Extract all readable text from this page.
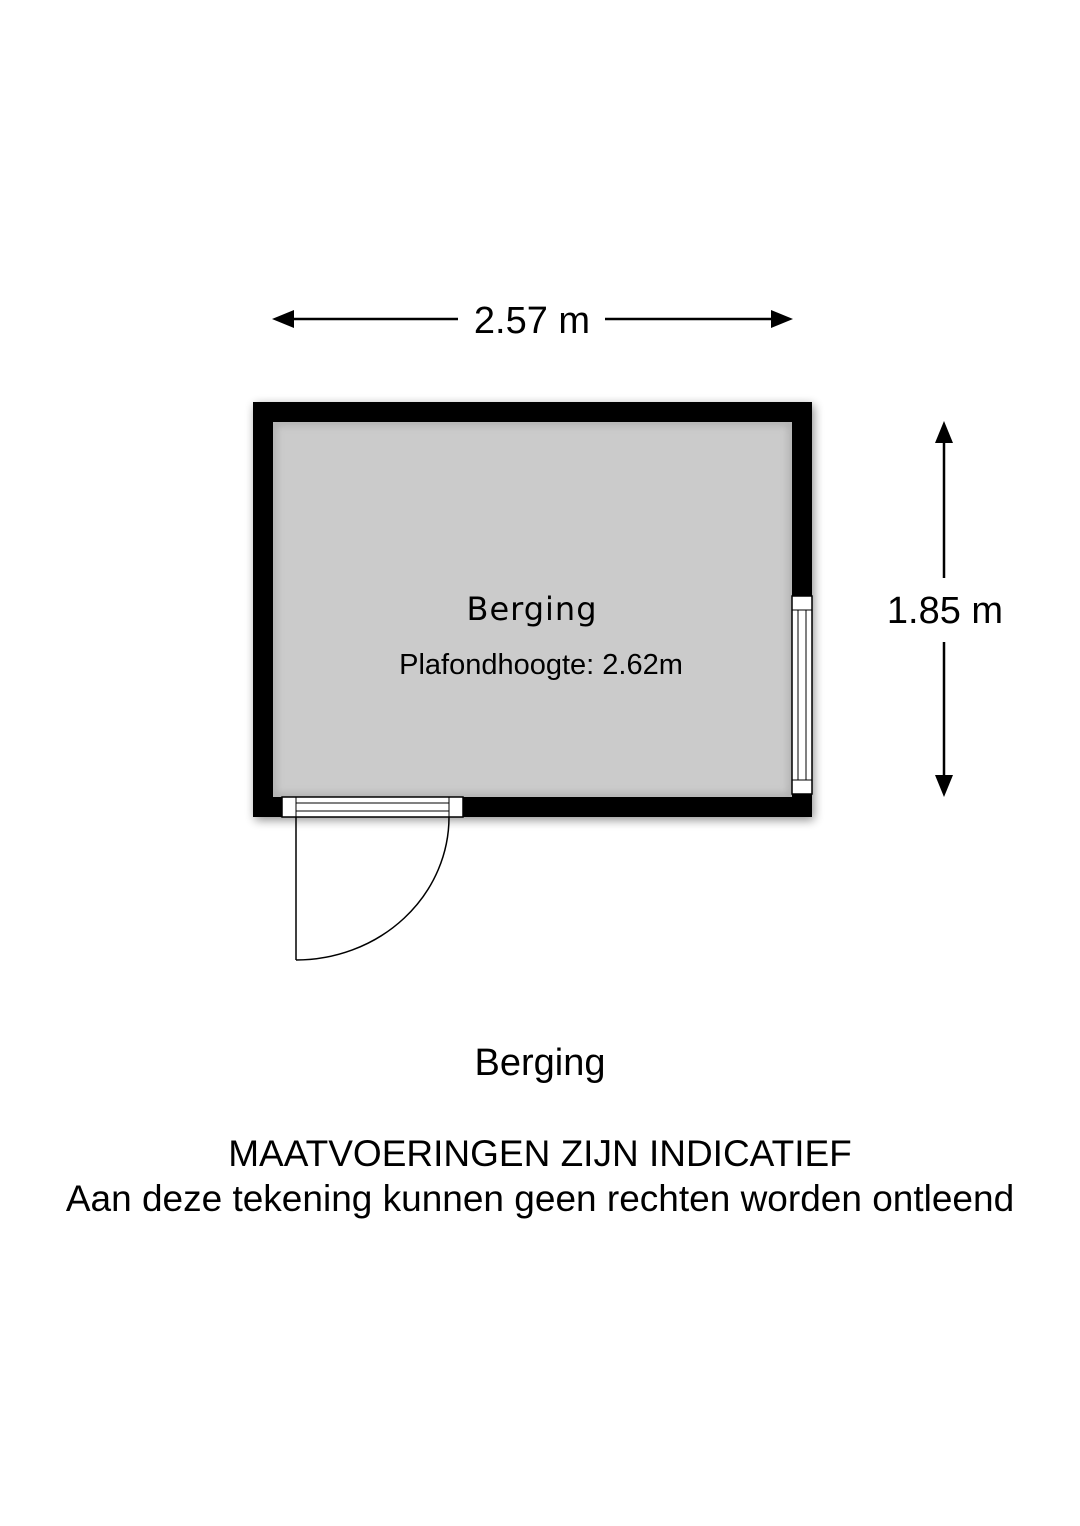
2.57 m
1.85 m
Berging
Plafondhoogte: 2.62m
Berging
MAATVOERINGEN ZIJN INDICATIEF
Aan deze tekening kunnen geen rechten worden ontleend
